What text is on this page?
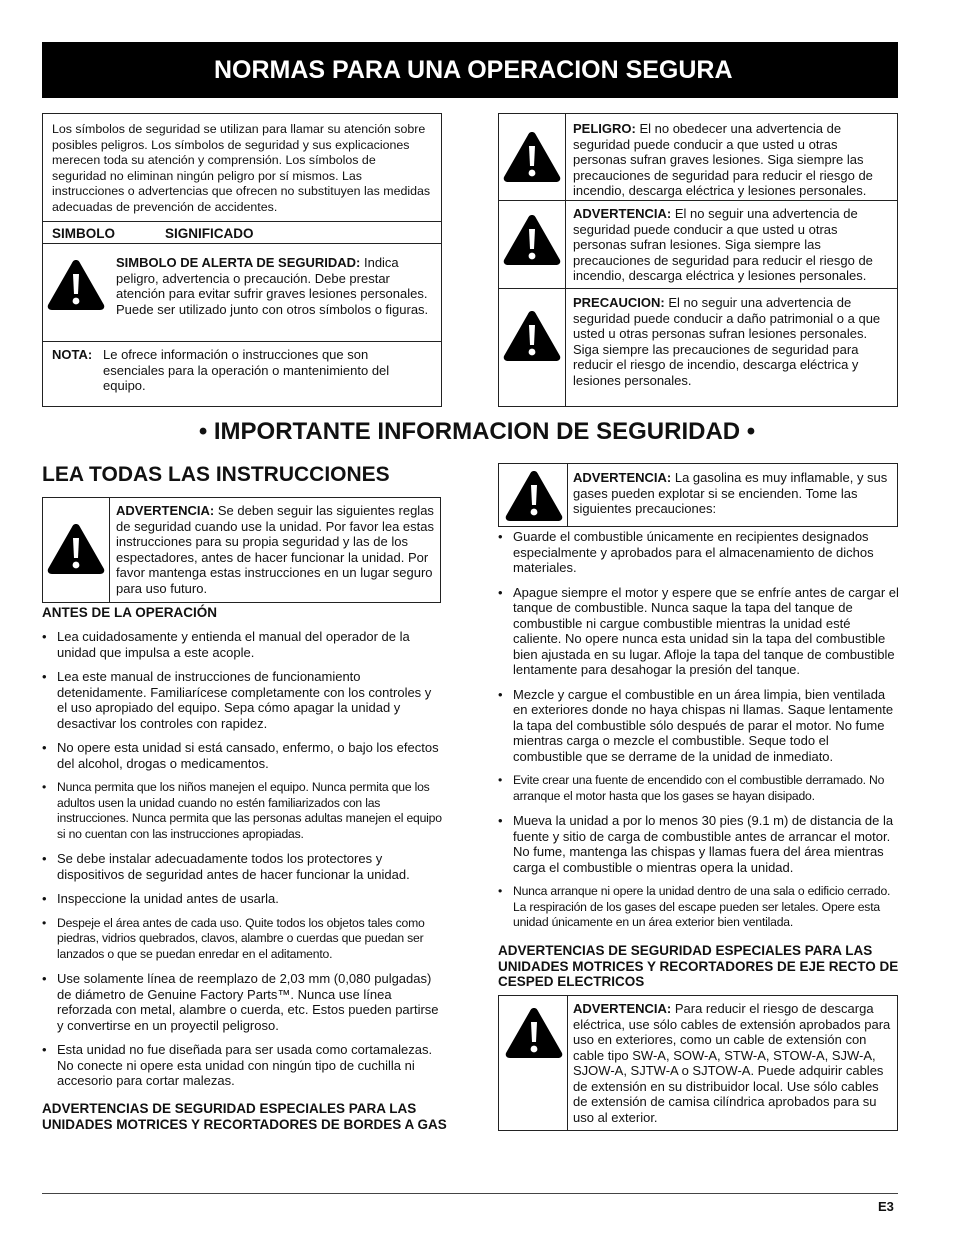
NORMAS PARA UNA OPERACION SEGURA
Los símbolos de seguridad se utilizan para llamar su atención sobre posibles peligros. Los símbolos de seguridad y sus explicaciones merecen toda su atención y comprensión. Los símbolos de seguridad no eliminan ningún peligro por sí mismos. Las instrucciones o advertencias que ofrecen no substituyen las medidas adecuadas de prevención de accidentes.
SIMBOLO	SIGNIFICADO
SIMBOLO DE ALERTA DE SEGURIDAD: Indica peligro, advertencia o precaución. Debe prestar atención para evitar sufrir graves lesiones personales. Puede ser utilizado junto con otros símbolos o figuras.
NOTA: Le ofrece información o instrucciones que son esenciales para la operación o mantenimiento del equipo.
PELIGRO: El no obedecer una advertencia de seguridad puede conducir a que usted u otras personas sufran graves lesiones. Siga siempre las precauciones de seguridad para reducir el riesgo de incendio, descarga eléctrica y lesiones personales.
ADVERTENCIA: El no seguir una advertencia de seguridad puede conducir a que usted u otras personas sufran lesiones. Siga siempre las precauciones de seguridad para reducir el riesgo de incendio, descarga eléctrica y lesiones personales.
PRECAUCION: El no seguir una advertencia de seguridad puede conducir a daño patrimonial o a que usted u otras personas sufran lesiones personales. Siga siempre las precauciones de seguridad para reducir el riesgo de incendio, descarga eléctrica y lesiones personales.
• IMPORTANTE INFORMACION DE SEGURIDAD •
LEA TODAS LAS INSTRUCCIONES
ADVERTENCIA: Se deben seguir las siguientes reglas de seguridad cuando use la unidad. Por favor lea estas instrucciones para su propia seguridad y las de los espectadores, antes de hacer funcionar la unidad. Por favor mantenga estas instrucciones en un lugar seguro para uso futuro.
ANTES DE LA OPERACIÓN
• Lea cuidadosamente y entienda el manual del operador de la unidad que impulsa a este acople.
• Lea este manual de instrucciones de funcionamiento detenidamente. Familiarícese completamente con los controles y el uso apropiado del equipo. Sepa cómo apagar la unidad y desactivar los controles con rapidez.
• No opere esta unidad si está cansado, enfermo, o bajo los efectos del alcohol, drogas o medicamentos.
• Nunca permita que los niños manejen el equipo. Nunca permita que los adultos usen la unidad cuando no estén familiarizados con las instrucciones. Nunca permita que las personas adultas manejen el equipo si no cuentan con las instrucciones apropiadas.
• Se debe instalar adecuadamente todos los protectores y dispositivos de seguridad antes de hacer funcionar la unidad.
• Inspeccione la unidad antes de usarla.
• Despeje el área antes de cada uso. Quite todos los objetos tales como piedras, vidrios quebrados, clavos, alambre o cuerdas que puedan ser lanzados o que se puedan enredar en el aditamento.
• Use solamente línea de reemplazo de 2,03 mm (0,080 pulgadas) de diámetro de Genuine Factory Parts™. Nunca use línea reforzada con metal, alambre o cuerda, etc. Estos pueden partirse y convertirse en un proyectil peligroso.
• Esta unidad no fue diseñada para ser usada como cortamalezas. No conecte ni opere esta unidad con ningún tipo de cuchilla ni accesorio para cortar malezas.
ADVERTENCIAS DE SEGURIDAD ESPECIALES PARA LAS UNIDADES MOTRICES Y RECORTADORES DE BORDES A GAS
ADVERTENCIA: La gasolina es muy inflamable, y sus gases pueden explotar si se encienden. Tome las siguientes precauciones:
• Guarde el combustible únicamente en recipientes designados especialmente y aprobados para el almacenamiento de dichos materiales.
• Apague siempre el motor y espere que se enfríe antes de cargar el tanque de combustible. Nunca saque la tapa del tanque de combustible ni cargue combustible mientras la unidad esté caliente. No opere nunca esta unidad sin la tapa del combustible bien ajustada en su lugar. Afloje la tapa del tanque de combustible lentamente para desahogar la presión del tanque.
• Mezcle y cargue el combustible en un área limpia, bien ventilada en exteriores donde no haya chispas ni llamas. Saque lentamente la tapa del combustible sólo después de parar el motor. No fume mientras carga o mezcle el combustible. Seque todo el combustible que se derrame de la unidad de inmediato.
• Evite crear una fuente de encendido con el combustible derramado. No arranque el motor hasta que los gases se hayan disipado.
• Mueva la unidad a por lo menos 30 pies (9.1 m) de distancia de la fuente y sitio de carga de combustible antes de arrancar el motor. No fume, mantenga las chispas y llamas fuera del área mientras carga el combustible o mientras opera la unidad.
• Nunca arranque ni opere la unidad dentro de una sala o edificio cerrado. La respiración de los gases del escape pueden ser letales. Opere esta unidad únicamente en un área exterior bien ventilada.
ADVERTENCIAS DE SEGURIDAD ESPECIALES PARA LAS UNIDADES MOTRICES Y RECORTADORES DE EJE RECTO DE CESPED ELECTRICOS
ADVERTENCIA: Para reducir el riesgo de descarga eléctrica, use sólo cables de extensión aprobados para uso en exteriores, como un cable de extensión con cable tipo SW-A, SOW-A, STW-A, STOW-A, SJW-A, SJOW-A, SJTW-A o SJTOW-A. Puede adquirir cables de extensión en su distribuidor local. Use sólo cables de extensión de camisa cilíndrica aprobados para su uso al exterior.
E3
